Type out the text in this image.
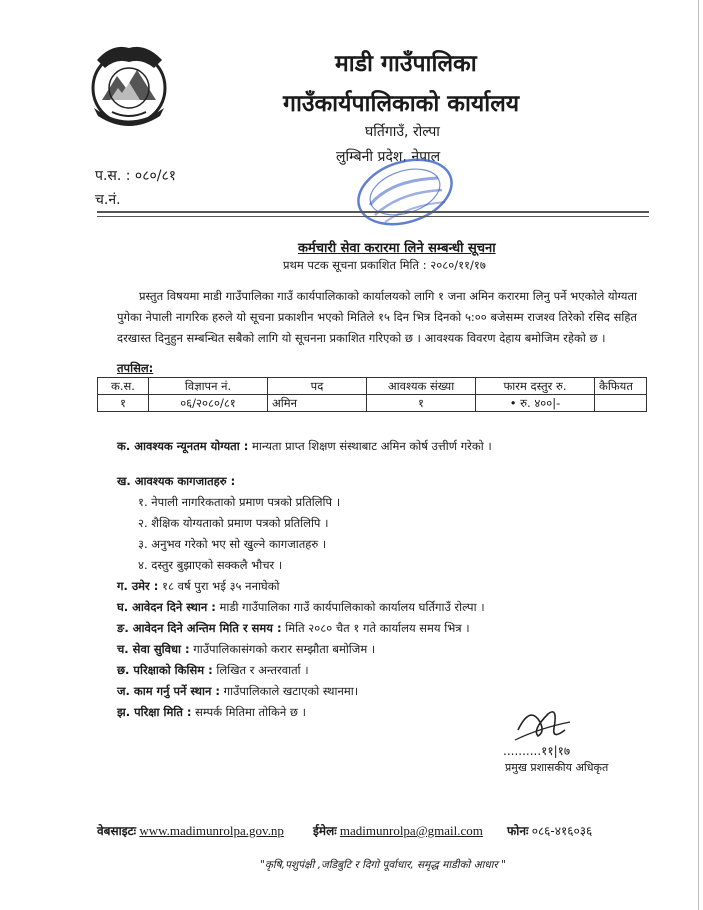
माडी गाउँपालिका
गाउँकार्यपालिकाको कार्यालय
घर्तिगाउँ, रोल्पा
लुम्बिनी प्रदेश, नेपाल
प.स. : ०८०/८१
च.नं.
कर्मचारी सेवा करारमा लिने सम्बन्धी सूचना
प्रथम पटक सूचना प्रकाशित मिति : २०८०/११/१७
प्रस्तुत विषयमा माडी गाउँपालिका गाउँ कार्यपालिकाको कार्यालयको लागि १ जना अमिन करारमा लिनु पर्ने भएकोले योग्यता पुगेका नेपाली नागरिक हरुले यो सूचना प्रकाशीन भएको मितिले १५ दिन भित्र दिनको ५:०० बजेसम्म राजश्व तिरेको रसिद सहित दरखास्त दिनुहुन सम्बन्धित सबैको लागि यो सूचनना प्रकाशित गरिएको छ । आवश्यक विवरण देहाय बमोजिम रहेको छ ।
तपसिल:
क.स.	विज्ञापन नं.	पद	आवश्यक संख्या	फारम दस्तुर रु.	कैफियत
१	०६/२०८०/८१	अमिन	१	• रु. ४००|-	
क. आवश्यक न्यूनतम योग्यता : मान्यता प्राप्त शिक्षण संस्थाबाट अमिन कोर्ष उत्तीर्ण गरेको ।
ख. आवश्यक कागजातहरु :
१. नेपाली नागरिकताको प्रमाण पत्रको प्रतिलिपि ।
२. शैक्षिक योग्यताको प्रमाण पत्रको प्रतिलिपि ।
३. अनुभव गरेको भए सो खुल्ने कागजातहरु ।
४. दस्तुर बुझाएको सक्कलै भौचर ।
ग. उमेर : १८ वर्ष पुरा भई ३५ ननाघेको
घ. आवेदन दिने स्थान : माडी गाउँपालिका गाउँ कार्यपालिकाको कार्यालय घर्तिगाउँ रोल्पा ।
ङ. आवेदन दिने अन्तिम मिति र समय : मिति २०८० चैत १ गते कार्यालय समय भित्र ।
च. सेवा सुविधा : गाउँपालिकासंगको करार सम्झौता बमोजिम ।
छ. परिक्षाको किसिम : लिखित र अन्तरवार्ता ।
ज. काम गर्नु पर्ने स्थान : गाउँपालिकाले खटाएको स्थानमा।
झ. परिक्षा मिति : सम्पर्क मितिमा तोकिने छ ।
..........११|१७
प्रमुख प्रशासकीय अधिकृत
वेबसाइटः www.madimunrolpa.gov.np ईमेलः madimunrolpa@gmail.com फोनः ०८६-४१६०३६
"कृषि,पशुपंक्षी ,जडिबुटि र दिगो पूर्वाधार, समृद्ध माडीको आधार "
